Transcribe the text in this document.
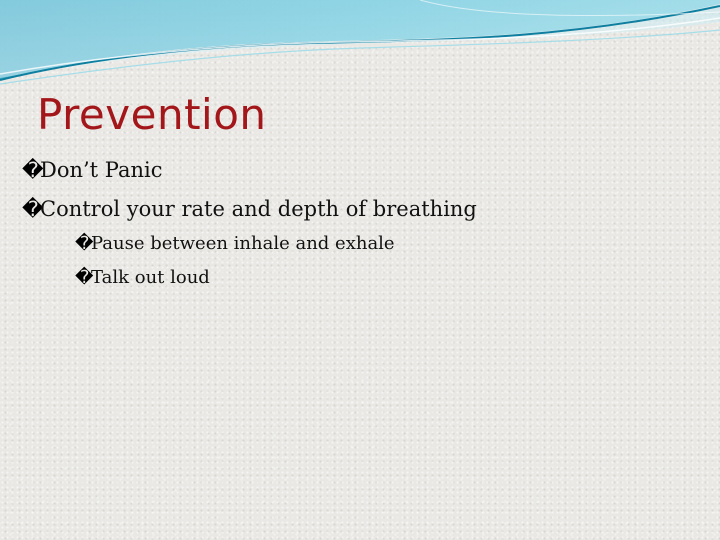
Prevention
�
Don’t Panic
�
Control your rate and depth of breathing
�
Pause between inhale and exhale
�
Talk out loud
